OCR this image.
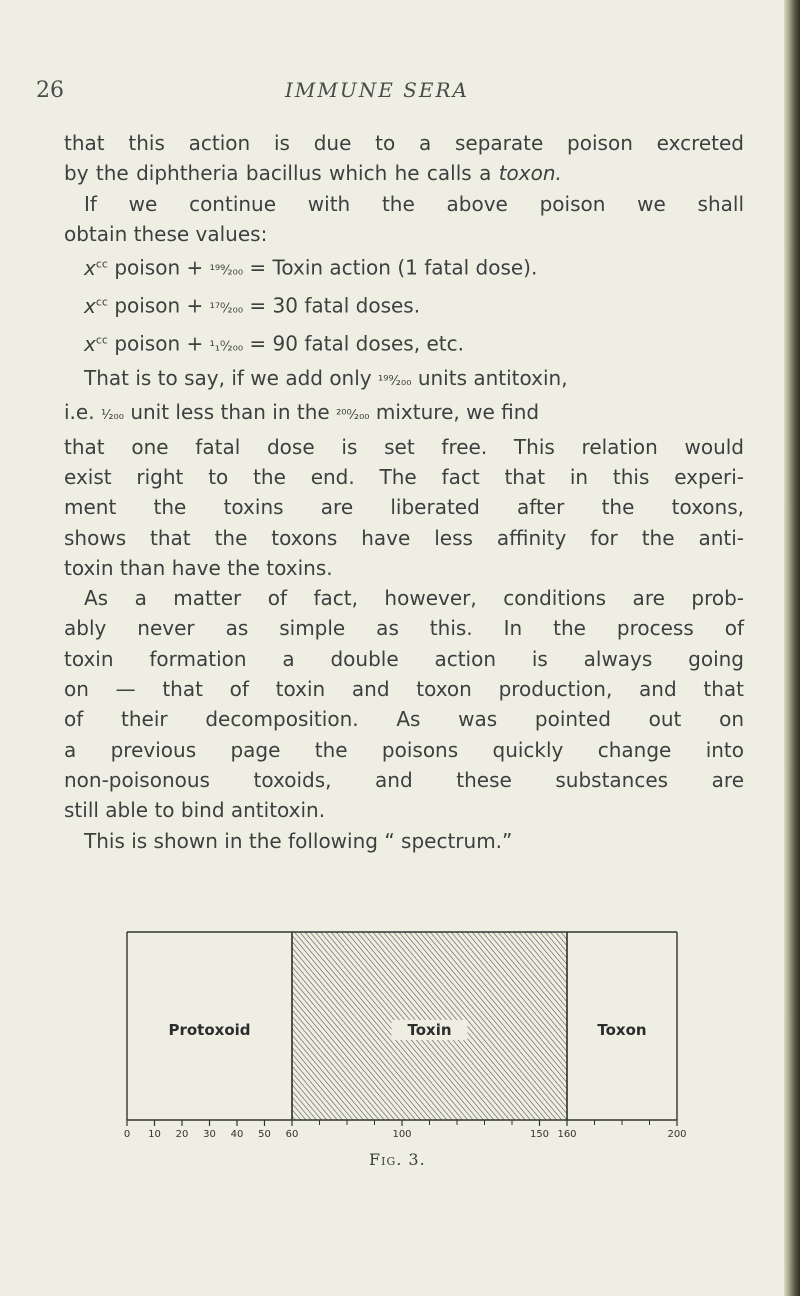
26	IMMUNE SERA
that this action is due to a separate poison excreted
by the diphtheria bacillus which he calls a toxon.
If we continue with the above poison we shall
obtain these values:
$x^{cc}$ poison + ¹⁹⁹⁄₂₀₀ = Toxin action (1 fatal dose).
$x^{cc}$ poison + ¹⁷⁰⁄₂₀₀ = 30 fatal doses.
$x^{cc}$ poison + ¹₁⁰⁄₂₀₀ = 90 fatal doses, etc.
That is to say, if we add only ¹⁹⁹⁄₂₀₀ units antitoxin,
i.e. ¹⁄₂₀₀ unit less than in the ²⁰⁰⁄₂₀₀ mixture, we find
that one fatal dose is set free. This relation would
exist right to the end. The fact that in this experi-
ment the toxins are liberated after the toxons,
shows that the toxons have less affinity for the anti-
toxin than have the toxins.
As a matter of fact, however, conditions are prob-
ably never as simple as this. In the process of
toxin formation a double action is always going
on — that of toxin and toxon production, and that
of their decomposition. As was pointed out on
a previous page the poisons quickly change into
non-poisonous toxoids, and these substances are
still able to bind antitoxin.
This is shown in the following “ spectrum.”
0 10 20 30 40 50 60	100	150 160	200
Protoxoid	Toxin	Toxon
Fig. 3.
